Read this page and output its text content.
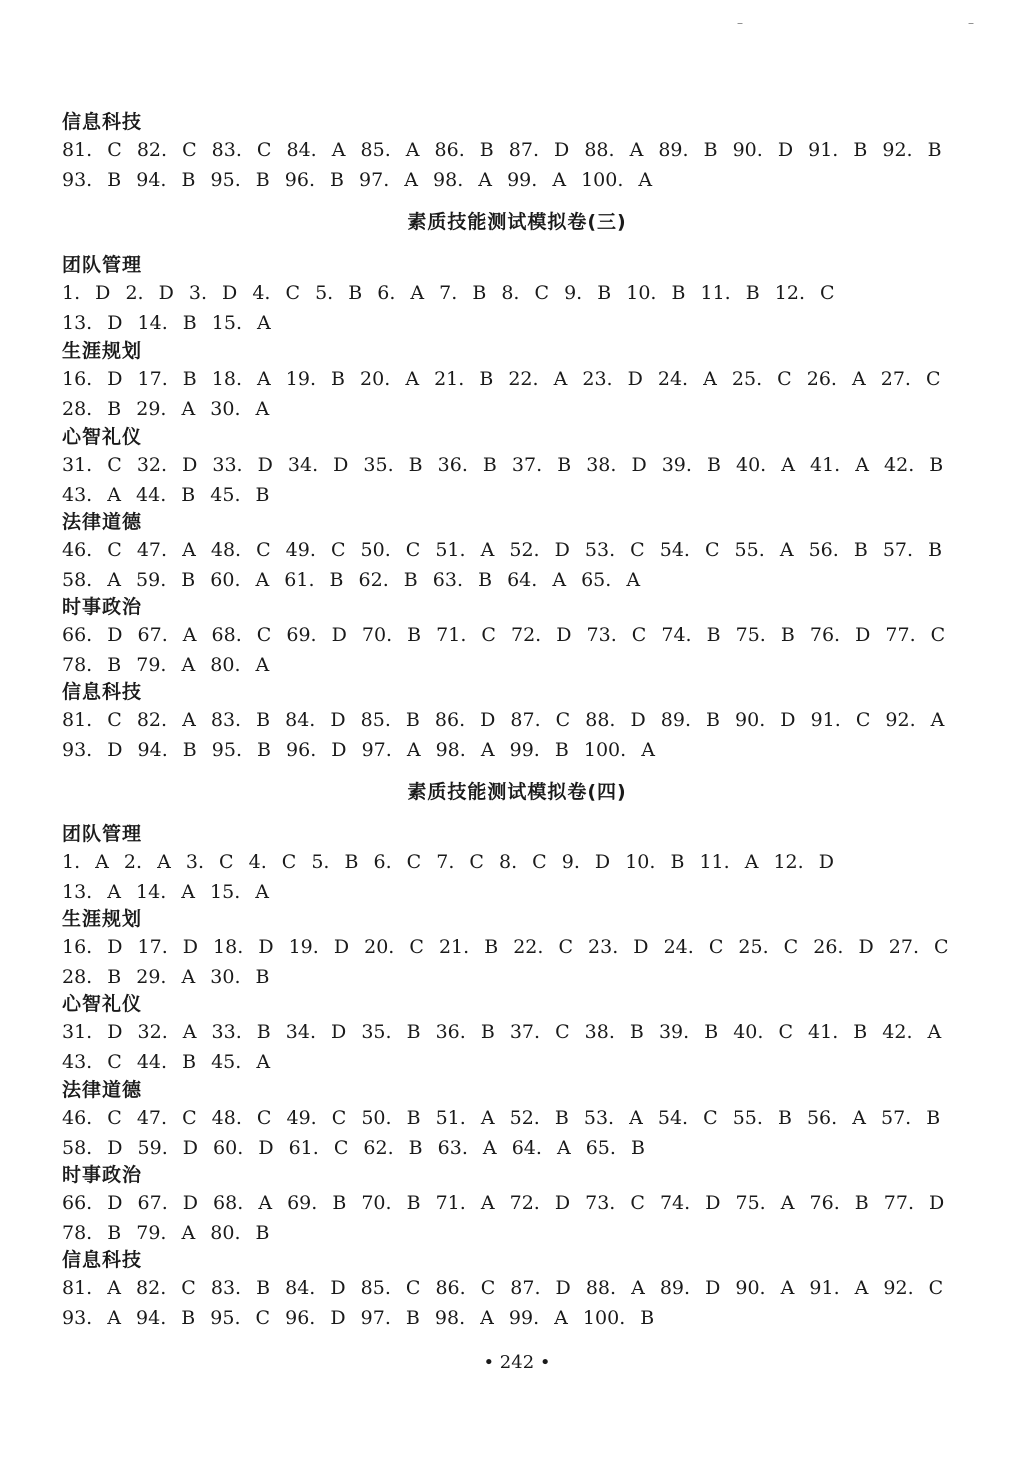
–	–

信息科技

81. C 82. C 83. C 84. A 85. A 86. B 87. D 88. A 89. B 90. D 91. B 92. B

93. B 94. B 95. B 96. B 97. A 98. A 99. A 100. A

素质技能测试模拟卷(三)

团队管理

1. D 2. D 3. D 4. C 5. B 6. A 7. B 8. C 9. B 10. B 11. B 12. C

13. D 14. B 15. A

生涯规划

16. D 17. B 18. A 19. B 20. A 21. B 22. A 23. D 24. A 25. C 26. A 27. C

28. B 29. A 30. A

心智礼仪

31. C 32. D 33. D 34. D 35. B 36. B 37. B 38. D 39. B 40. A 41. A 42. B

43. A 44. B 45. B

法律道德

46. C 47. A 48. C 49. C 50. C 51. A 52. D 53. C 54. C 55. A 56. B 57. B

58. A 59. B 60. A 61. B 62. B 63. B 64. A 65. A

时事政治

66. D 67. A 68. C 69. D 70. B 71. C 72. D 73. C 74. B 75. B 76. D 77. C

78. B 79. A 80. A

信息科技

81. C 82. A 83. B 84. D 85. B 86. D 87. C 88. D 89. B 90. D 91. C 92. A

93. D 94. B 95. B 96. D 97. A 98. A 99. B 100. A

素质技能测试模拟卷(四)

团队管理

1. A 2. A 3. C 4. C 5. B 6. C 7. C 8. C 9. D 10. B 11. A 12. D

13. A 14. A 15. A

生涯规划

16. D 17. D 18. D 19. D 20. C 21. B 22. C 23. D 24. C 25. C 26. D 27. C

28. B 29. A 30. B

心智礼仪

31. D 32. A 33. B 34. D 35. B 36. B 37. C 38. B 39. B 40. C 41. B 42. A

43. C 44. B 45. A

法律道德

46. C 47. C 48. C 49. C 50. B 51. A 52. B 53. A 54. C 55. B 56. A 57. B

58. D 59. D 60. D 61. C 62. B 63. A 64. A 65. B

时事政治

66. D 67. D 68. A 69. B 70. B 71. A 72. D 73. C 74. D 75. A 76. B 77. D

78. B 79. A 80. B

信息科技

81. A 82. C 83. B 84. D 85. C 86. C 87. D 88. A 89. D 90. A 91. A 92. C

93. A 94. B 95. C 96. D 97. B 98. A 99. A 100. B

• 242 •
